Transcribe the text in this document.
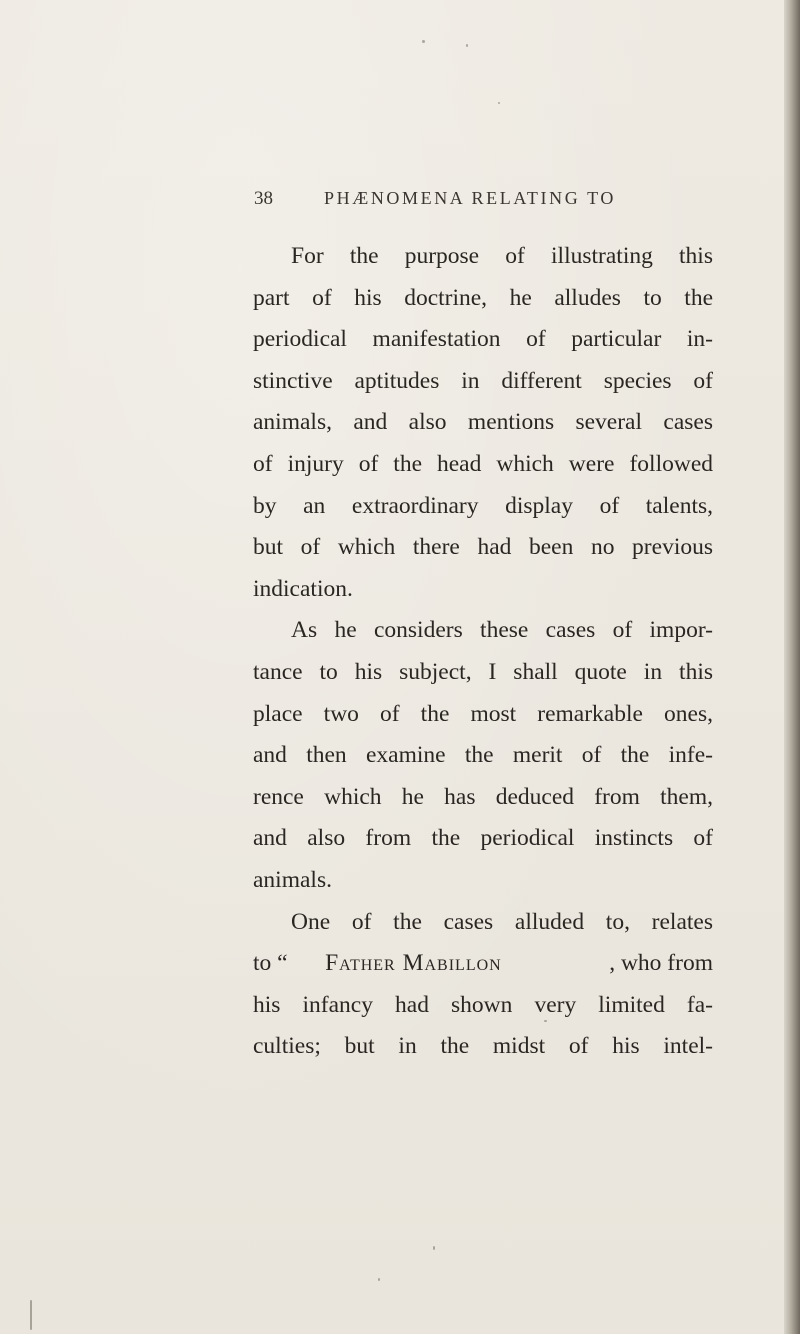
38	PHÆNOMENA RELATING TO
For the purpose of illustrating this
part of his doctrine, he alludes to the
periodical manifestation of particular in-
stinctive aptitudes in different species of
animals, and also mentions several cases
of injury of the head which were followed
by an extraordinary display of talents,
but of which there had been no previous
indication.
As he considers these cases of impor-
tance to his subject, I shall quote in this
place two of the most remarkable ones,
and then examine the merit of the infe-
rence which he has deduced from them,
and also from the periodical instincts of
animals.
One of the cases alluded to, relates
to “ Father Mabillon	, who from
his infancy had shown very limited fa-
culties; but in the midst of his intel-
